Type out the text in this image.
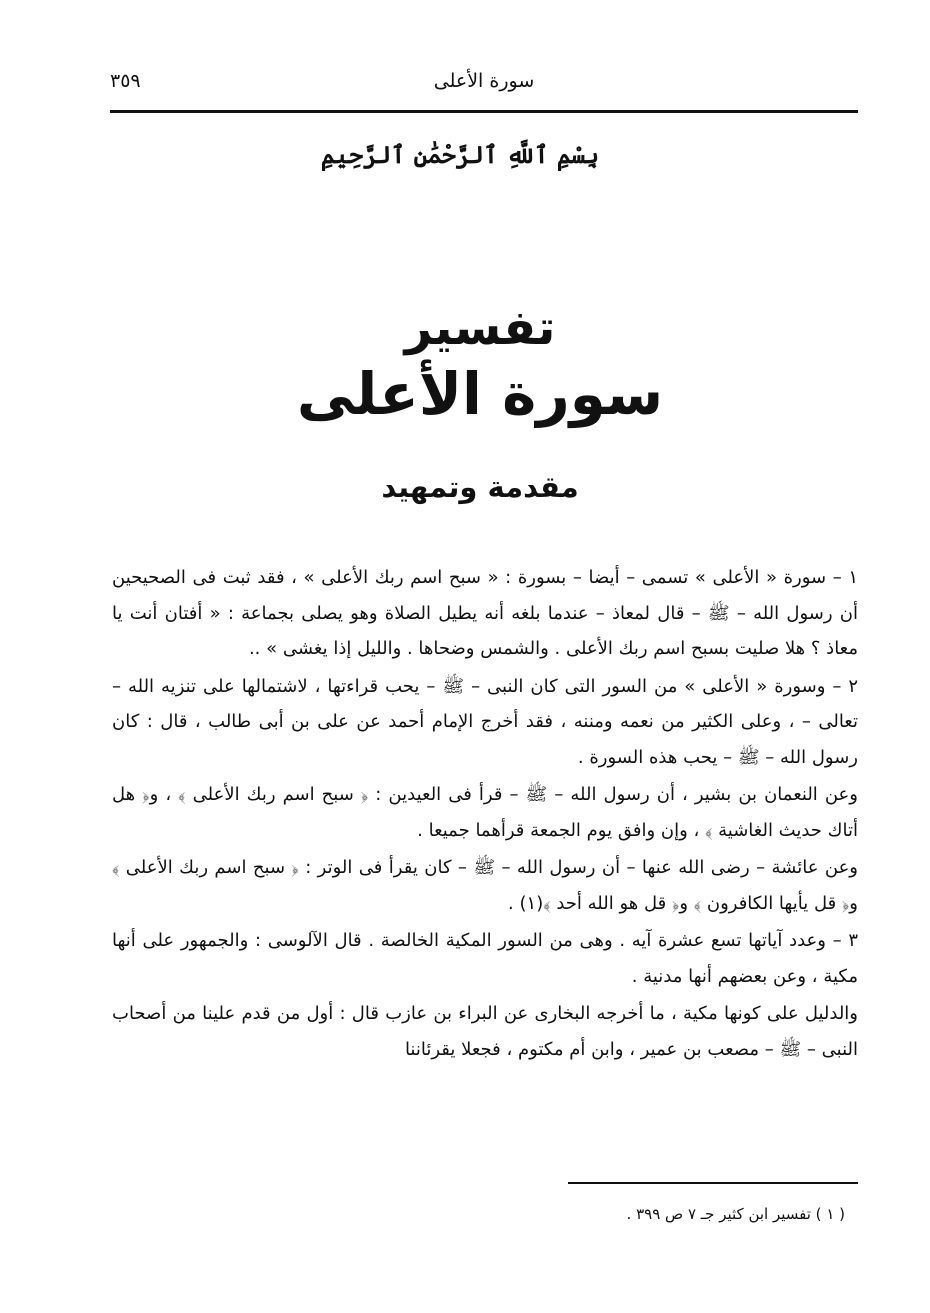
سورة الأعلى
٣٥٩
بِسْمِ ٱللَّهِ ٱلرَّحْمَٰنِ ٱلرَّحِيمِ
تفسير
سورة الأعلى
مقدمة وتمهيد

١ – سورة « الأعلى » تسمى – أيضا – بسورة : « سبح اسم ربك الأعلى » ، فقد ثبت فى الصحيحين أن رسول الله – ﷺ – قال لمعاذ – عندما بلغه أنه يطيل الصلاة وهو يصلى بجماعة : « أفتان أنت يا معاذ ؟ هلا صليت بسبح اسم ربك الأعلى . والشمس وضحاها . والليل إذا يغشى » ..

٢ – وسورة « الأعلى » من السور التى كان النبى – ﷺ – يحب قراءتها ، لاشتمالها على تنزيه الله – تعالى – ، وعلى الكثير من نعمه ومننه ، فقد أخرج الإمام أحمد عن على بن أبى طالب ، قال : كان رسول الله – ﷺ – يحب هذه السورة .

وعن النعمان بن بشير ، أن رسول الله – ﷺ – قرأ فى العيدين : ﴿ سبح اسم ربك الأعلى ﴾ ، و﴿ هل أتاك حديث الغاشية ﴾ ، وإن وافق يوم الجمعة قرأهما جميعا .

وعن عائشة – رضى الله عنها – أن رسول الله – ﷺ – كان يقرأ فى الوتر : ﴿ سبح اسم ربك الأعلى ﴾ و﴿ قل يأيها الكافرون ﴾ و﴿ قل هو الله أحد ﴾(١) .

٣ – وعدد آياتها تسع عشرة آيه . وهى من السور المكية الخالصة . قال الآلوسى : والجمهور على أنها مكية ، وعن بعضهم أنها مدنية .

والدليل على كونها مكية ، ما أخرجه البخارى عن البراء بن عازب قال : أول من قدم علينا من أصحاب النبى – ﷺ – مصعب بن عمير ، وابن أم مكتوم ، فجعلا يقرئاننا

( ١ ) تفسير ابن كثير جـ ٧ ص ٣٩٩ .
